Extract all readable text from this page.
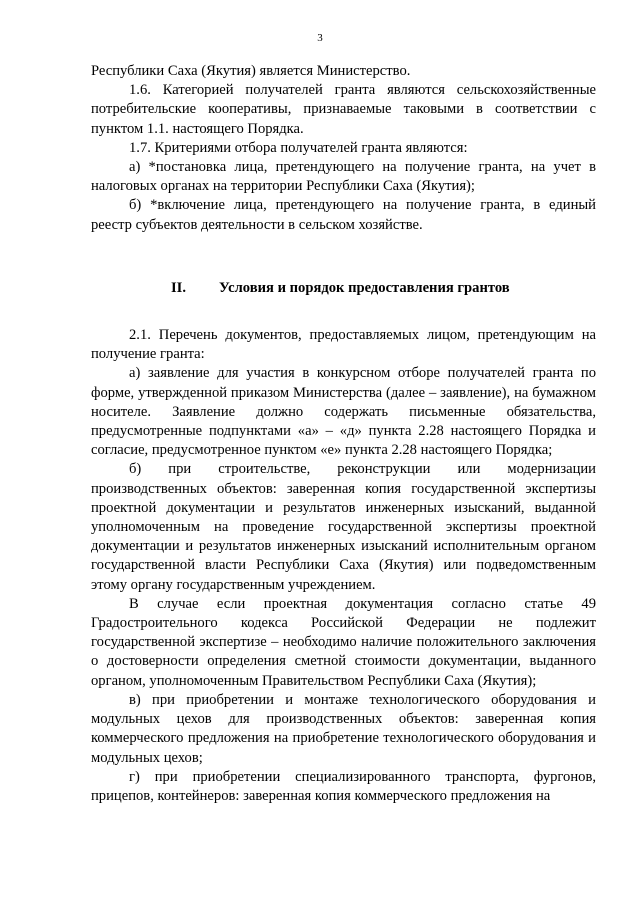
3

Республики Саха (Якутия) является Министерство.

1.6. Категорией получателей гранта являются сельскохозяйственные потребительские кооперативы, признаваемые таковыми в соответствии с пунктом 1.1. настоящего Порядка.

1.7. Критериями отбора получателей гранта являются:

а) *постановка лица, претендующего на получение гранта, на учет в налоговых органах на территории Республики Саха (Якутия);

б) *включение лица, претендующего на получение гранта, в единый реестр субъектов деятельности в сельском хозяйстве.

II. Условия и порядок предоставления грантов

2.1. Перечень документов, предоставляемых лицом, претендующим на получение гранта:

а) заявление для участия в конкурсном отборе получателей гранта по форме, утвержденной приказом Министерства (далее – заявление), на бумажном носителе. Заявление должно содержать письменные обязательства, предусмотренные подпунктами «а» – «д» пункта 2.28 настоящего Порядка и согласие, предусмотренное пунктом «е» пункта 2.28 настоящего Порядка;

б) при строительстве, реконструкции или модернизации производственных объектов: заверенная копия государственной экспертизы проектной документации и результатов инженерных изысканий, выданной уполномоченным на проведение государственной экспертизы проектной документации и результатов инженерных изысканий исполнительным органом государственной власти Республики Саха (Якутия) или подведомственным этому органу государственным учреждением.

В случае если проектная документация согласно статье 49 Градостроительного кодекса Российской Федерации не подлежит государственной экспертизе – необходимо наличие положительного заключения о достоверности определения сметной стоимости документации, выданного органом, уполномоченным Правительством Республики Саха (Якутия);

в) при приобретении и монтаже технологического оборудования и модульных цехов для производственных объектов: заверенная копия коммерческого предложения на приобретение технологического оборудования и модульных цехов;

г) при приобретении специализированного транспорта, фургонов, прицепов, контейнеров: заверенная копия коммерческого предложения на
